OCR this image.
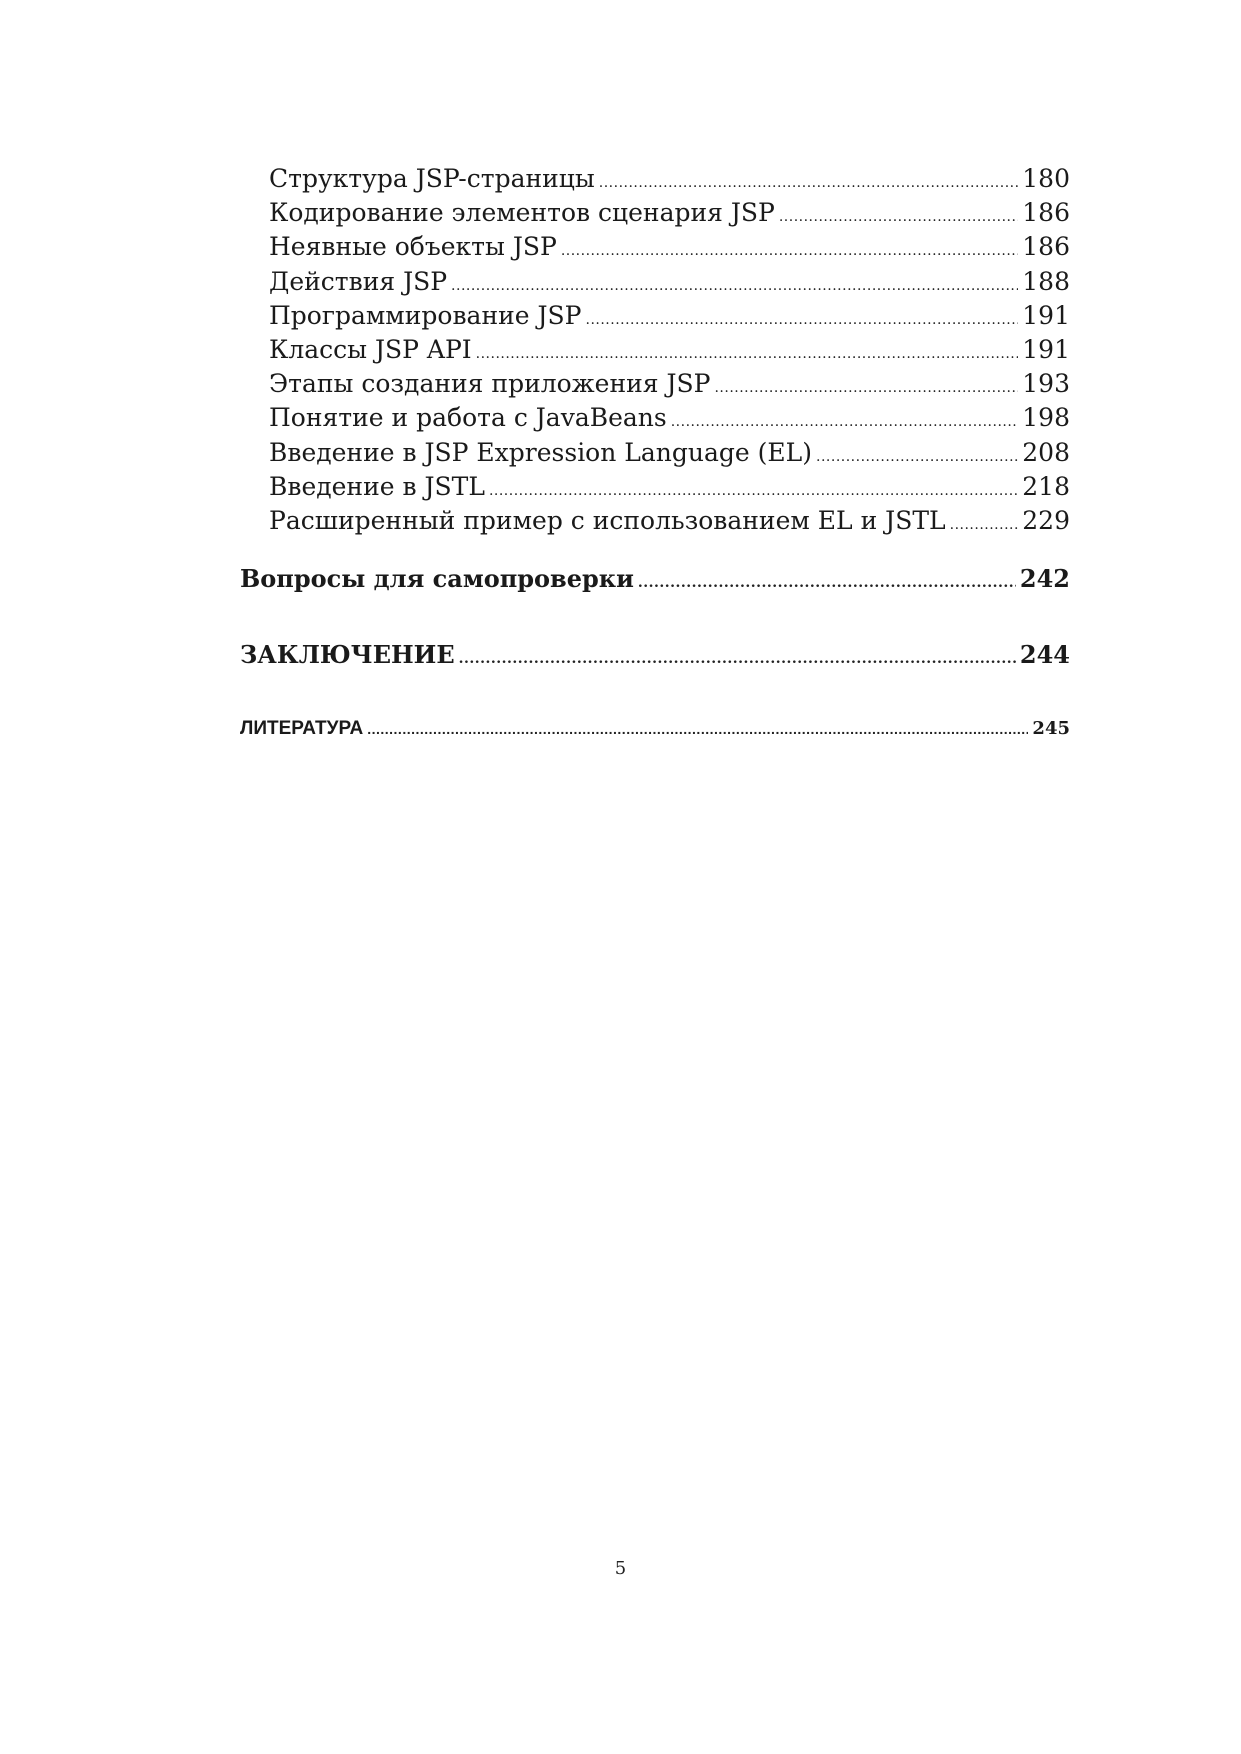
Структура JSP-страницы .....	180
Кодирование элементов сценария JSP .....	186
Неявные объекты JSP .....	186
Действия JSP .....	188
Программирование JSP .....	191
Классы JSP API .....	191
Этапы создания приложения JSP .....	193
Понятие и работа с JavaBeans .....	198
Введение в JSP Expression Language (EL) .....	208
Введение в JSTL .....	218
Расширенный пример с использованием EL и JSTL .....	229
Вопросы для самопроверки .....	242
ЗАКЛЮЧЕНИЕ .....	244
ЛИТЕРАТУРА .....	245
5
